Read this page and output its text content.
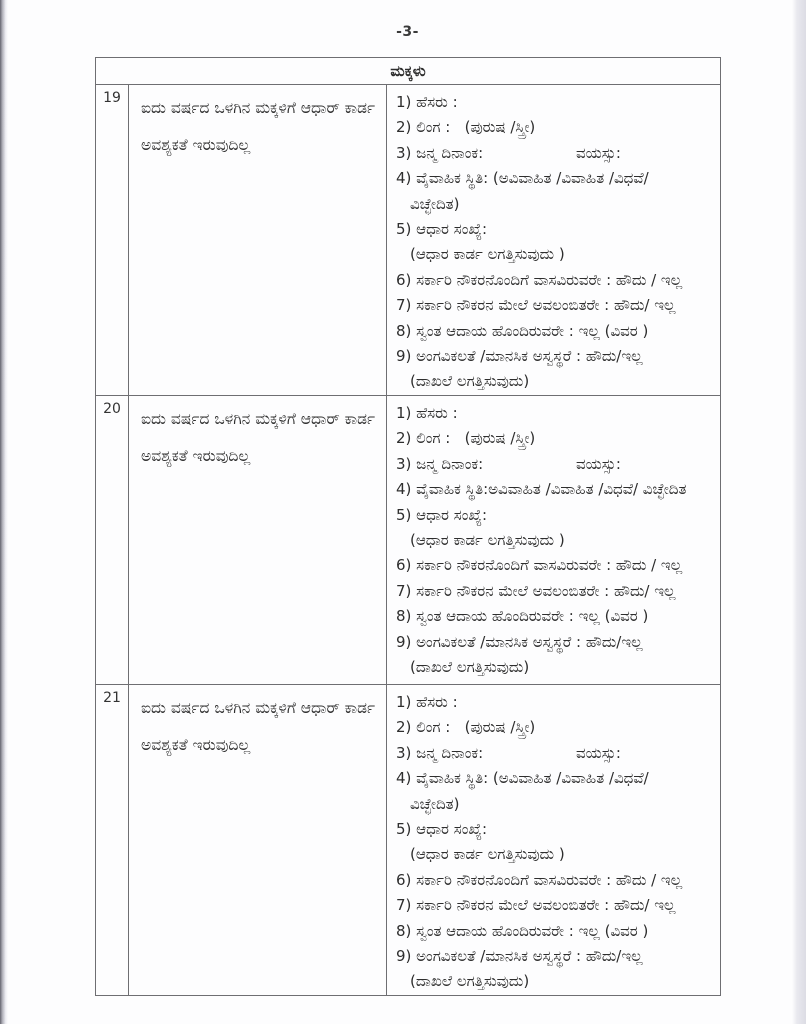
-3-
ಮಕ್ಕಳು		
19	
ಐದು ವರ್ಷದ ಒಳಗಿನ ಮಕ್ಕಳಿಗೆ ಆಧಾರ್ ಕಾರ್ಡ
ಅವಶ್ಯಕತೆ ಇರುವುದಿಲ್ಲ

1) ಹೆಸರು :
2) ಲಿಂಗ :   (ಪುರುಷ /ಸ್ತ್ರೀ)
3) ಜನ್ಮ ದಿನಾಂಕ:	ವಯಸ್ಸು:
4) ವೈವಾಹಿಕ ಸ್ಥಿತಿ: (ಅವಿವಾಹಿತ /ವಿವಾಹಿತ /ವಿಧವೆ/
ವಿಚ್ಛೇದಿತ)
5) ಆಧಾರ ಸಂಖ್ಯೆ:
(ಆಧಾರ ಕಾರ್ಡ ಲಗತ್ತಿಸುವುದು )
6) ಸರ್ಕಾರಿ ನೌಕರನೊಂದಿಗೆ ವಾಸವಿರುವರೇ : ಹೌದು / ಇಲ್ಲ
7) ಸರ್ಕಾರಿ ನೌಕರನ ಮೇಲೆ ಅವಲಂಬಿತರೇ : ಹೌದು/ ಇಲ್ಲ
8) ಸ್ವಂತ ಆದಾಯ ಹೊಂದಿರುವರೇ : ಇಲ್ಲ (ವಿವರ )
9) ಅಂಗವಿಕಲತೆ /ಮಾನಸಿಕ ಅಸ್ವಸ್ಥರೆ : ಹೌದು/ಇಲ್ಲ
(ದಾಖಲೆ ಲಗತ್ತಿಸುವುದು)

20	
ಐದು ವರ್ಷದ ಒಳಗಿನ ಮಕ್ಕಳಿಗೆ ಆಧಾರ್ ಕಾರ್ಡ
ಅವಶ್ಯಕತೆ ಇರುವುದಿಲ್ಲ

1) ಹೆಸರು :
2) ಲಿಂಗ :   (ಪುರುಷ /ಸ್ತ್ರೀ)
3) ಜನ್ಮ ದಿನಾಂಕ:	ವಯಸ್ಸು:
4) ವೈವಾಹಿಕ ಸ್ಥಿತಿ:ಅವಿವಾಹಿತ /ವಿವಾಹಿತ /ವಿಧವೆ/ ವಿಚ್ಛೇದಿತ
5) ಆಧಾರ ಸಂಖ್ಯೆ:
(ಆಧಾರ ಕಾರ್ಡ ಲಗತ್ತಿಸುವುದು )
6) ಸರ್ಕಾರಿ ನೌಕರನೊಂದಿಗೆ ವಾಸವಿರುವರೇ : ಹೌದು / ಇಲ್ಲ
7) ಸರ್ಕಾರಿ ನೌಕರನ ಮೇಲೆ ಅವಲಂಬಿತರೇ : ಹೌದು/ ಇಲ್ಲ
8) ಸ್ವಂತ ಆದಾಯ ಹೊಂದಿರುವರೇ : ಇಲ್ಲ (ವಿವರ )
9) ಅಂಗವಿಕಲತೆ /ಮಾನಸಿಕ ಅಸ್ವಸ್ಥರೆ : ಹೌದು/ಇಲ್ಲ
(ದಾಖಲೆ ಲಗತ್ತಿಸುವುದು)

21	
ಐದು ವರ್ಷದ ಒಳಗಿನ ಮಕ್ಕಳಿಗೆ ಆಧಾರ್ ಕಾರ್ಡ
ಅವಶ್ಯಕತೆ ಇರುವುದಿಲ್ಲ

1) ಹೆಸರು :
2) ಲಿಂಗ :   (ಪುರುಷ /ಸ್ತ್ರೀ)
3) ಜನ್ಮ ದಿನಾಂಕ:	ವಯಸ್ಸು:
4) ವೈವಾಹಿಕ ಸ್ಥಿತಿ: (ಅವಿವಾಹಿತ /ವಿವಾಹಿತ /ವಿಧವೆ/
ವಿಚ್ಛೇದಿತ)
5) ಆಧಾರ ಸಂಖ್ಯೆ:
(ಆಧಾರ ಕಾರ್ಡ ಲಗತ್ತಿಸುವುದು )
6) ಸರ್ಕಾರಿ ನೌಕರನೊಂದಿಗೆ ವಾಸವಿರುವರೇ : ಹೌದು / ಇಲ್ಲ
7) ಸರ್ಕಾರಿ ನೌಕರನ ಮೇಲೆ ಅವಲಂಬಿತರೇ : ಹೌದು/ ಇಲ್ಲ
8) ಸ್ವಂತ ಆದಾಯ ಹೊಂದಿರುವರೇ : ಇಲ್ಲ (ವಿವರ )
9) ಅಂಗವಿಕಲತೆ /ಮಾನಸಿಕ ಅಸ್ವಸ್ಥರೆ : ಹೌದು/ಇಲ್ಲ
(ದಾಖಲೆ ಲಗತ್ತಿಸುವುದು)
